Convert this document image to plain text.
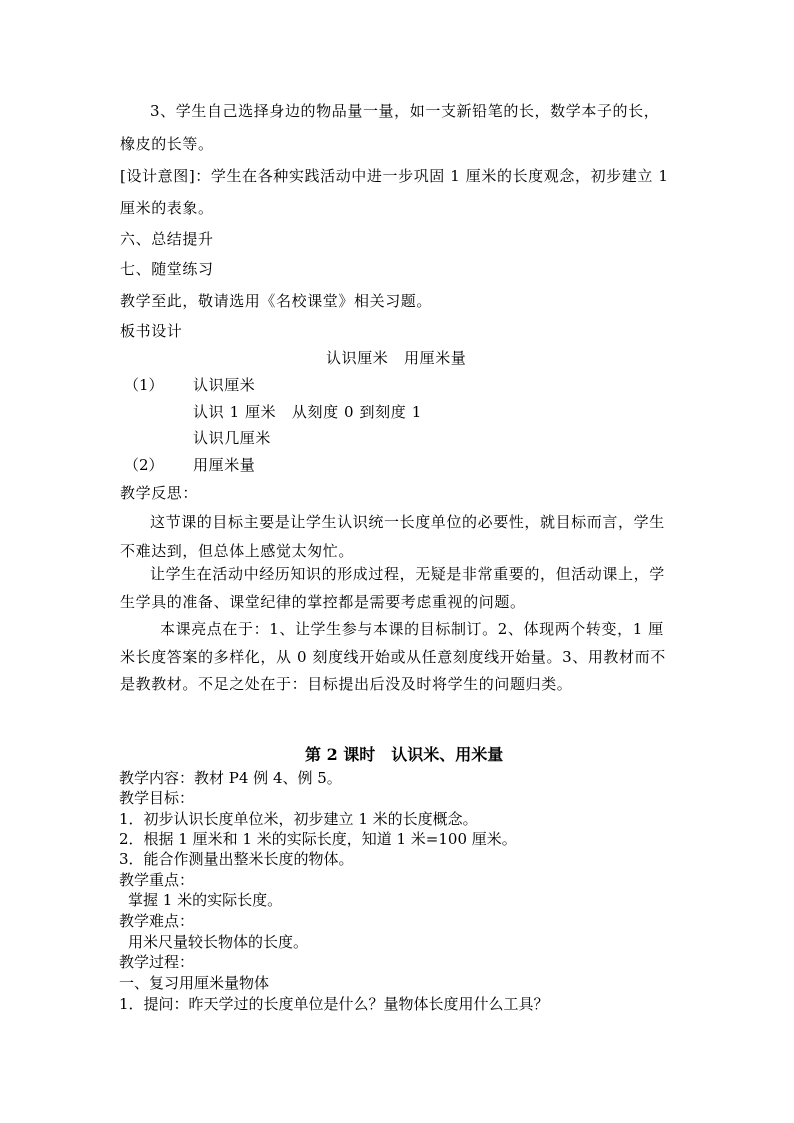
3、学生自己选择身边的物品量一量，如一支新铅笔的长，数学本子的长，
橡皮的长等。
[设计意图]：学生在各种实践活动中进一步巩固 1 厘米的长度观念，初步建立 1
厘米的表象。
六、总结提升
七、随堂练习
教学至此，敬请选用《名校课堂》相关习题。
板书设计
认识厘米　用厘米量
（1） 认识厘米
认识 1 厘米　从刻度 0 到刻度 1
认识几厘米
（2） 用厘米量
教学反思：
这节课的目标主要是让学生认识统一长度单位的必要性，就目标而言，学生
不难达到，但总体上感觉太匆忙。
让学生在活动中经历知识的形成过程，无疑是非常重要的，但活动课上，学
生学具的准备、课堂纪律的掌控都是需要考虑重视的问题。
本课亮点在于：1、让学生参与本课的目标制订。2、体现两个转变，1 厘
米长度答案的多样化，从 0 刻度线开始或从任意刻度线开始量。3、用教材而不
是教教材。不足之处在于：目标提出后没及时将学生的问题归类。
第 2 课时　认识米、用米量
教学内容：教材 P4 例 4、例 5。
教学目标：
1．初步认识长度单位米，初步建立 1 米的长度概念。
2．根据 1 厘米和 1 米的实际长度，知道 1 米=100 厘米。
3．能合作测量出整米长度的物体。
教学重点：
掌握 1 米的实际长度。
教学难点：
用米尺量较长物体的长度。
教学过程：
一、复习用厘米量物体
1．提问：昨天学过的长度单位是什么？量物体长度用什么工具？
